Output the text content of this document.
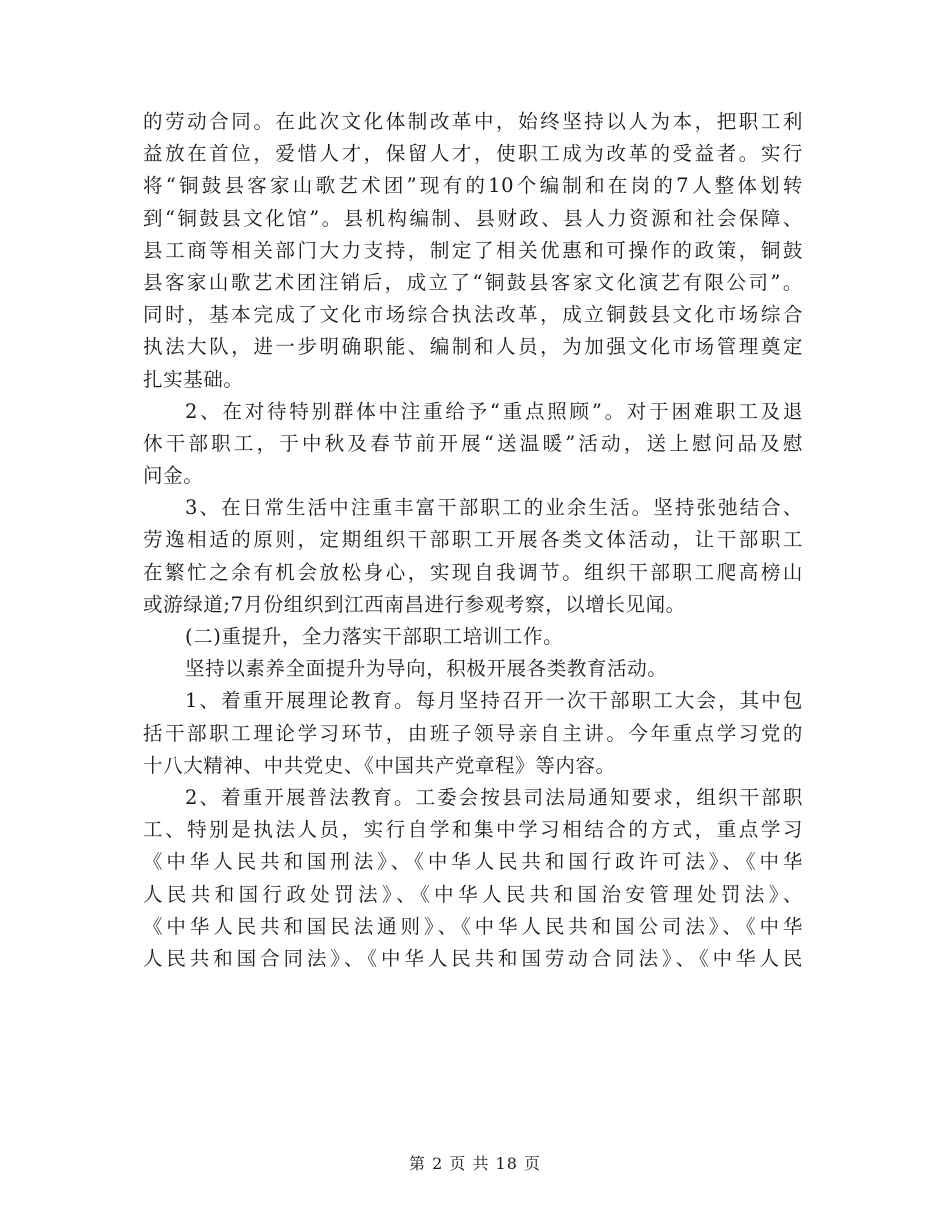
的劳动合同。在此次文化体制改革中，始终坚持以人为本，把职工利
益放在首位，爱惜人才，保留人才，使职工成为改革的受益者。实行
将“铜鼓县客家山歌艺术团”现有的10个编制和在岗的7人整体划转
到“铜鼓县文化馆”。县机构编制、县财政、县人力资源和社会保障、
县工商等相关部门大力支持，制定了相关优惠和可操作的政策，铜鼓
县客家山歌艺术团注销后，成立了“铜鼓县客家文化演艺有限公司”。
同时，基本完成了文化市场综合执法改革，成立铜鼓县文化市场综合
执法大队，进一步明确职能、编制和人员，为加强文化市场管理奠定
扎实基础。
2、在对待特别群体中注重给予“重点照顾”。对于困难职工及退
休干部职工，于中秋及春节前开展“送温暖”活动，送上慰问品及慰
问金。
3、在日常生活中注重丰富干部职工的业余生活。坚持张弛结合、
劳逸相适的原则，定期组织干部职工开展各类文体活动，让干部职工
在繁忙之余有机会放松身心，实现自我调节。组织干部职工爬高榜山
或游绿道;7月份组织到江西南昌进行参观考察，以增长见闻。
(二)重提升，全力落实干部职工培训工作。
坚持以素养全面提升为导向，积极开展各类教育活动。
1、着重开展理论教育。每月坚持召开一次干部职工大会，其中包
括干部职工理论学习环节，由班子领导亲自主讲。今年重点学习党的
十八大精神、中共党史、《中国共产党章程》等内容。
2、着重开展普法教育。工委会按县司法局通知要求，组织干部职
工、特别是执法人员，实行自学和集中学习相结合的方式，重点学习
《中华人民共和国刑法》、《中华人民共和国行政许可法》、《中华
人民共和国行政处罚法》、《中华人民共和国治安管理处罚法》、
《中华人民共和国民法通则》、《中华人民共和国公司法》、《中华
人民共和国合同法》、《中华人民共和国劳动合同法》、《中华人民
第 2 页 共 18 页
